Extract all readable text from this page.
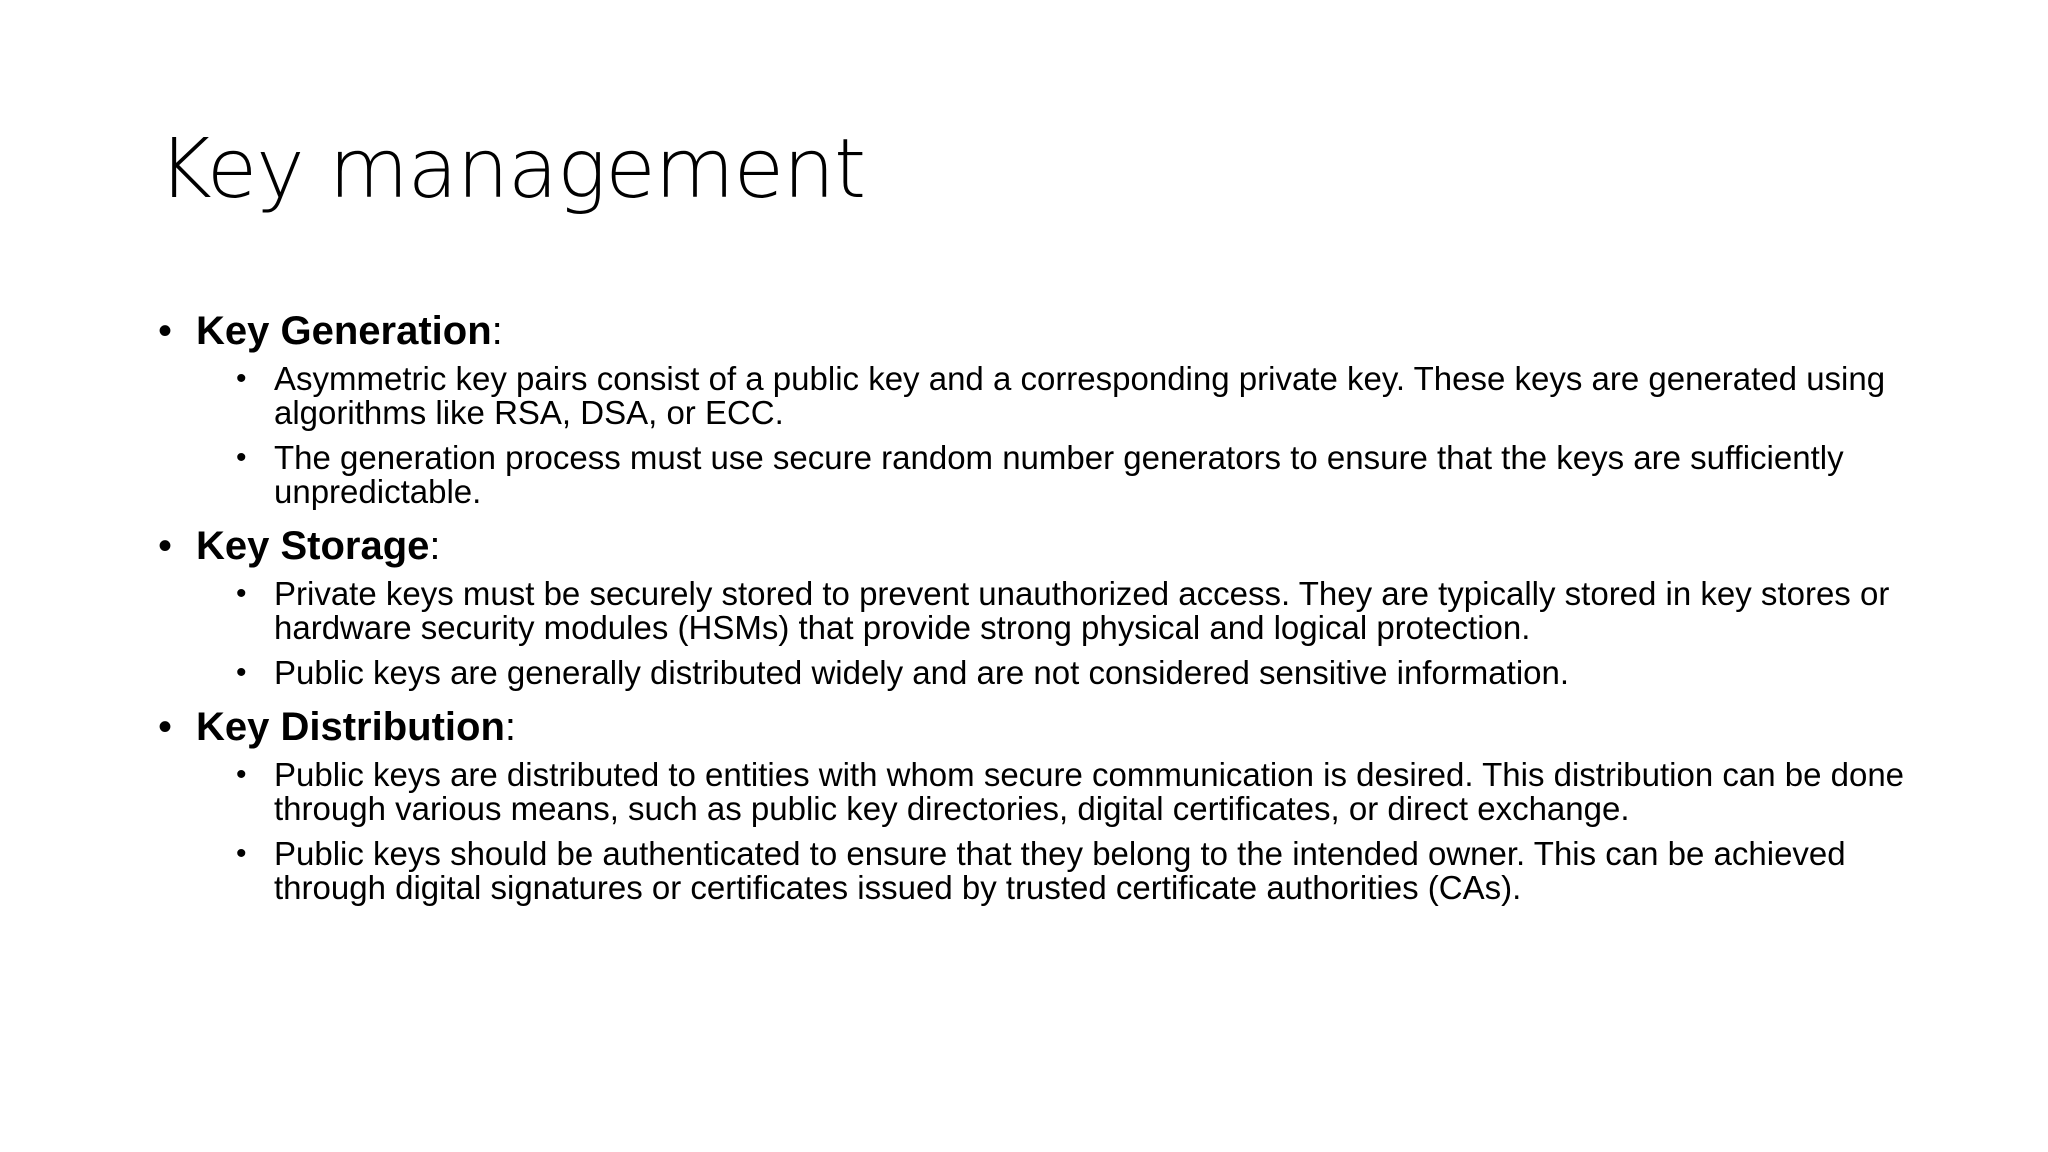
Key management
• Key Generation:
• Asymmetric key pairs consist of a public key and a corresponding private key. These keys are generated using algorithms like RSA, DSA, or ECC.
• The generation process must use secure random number generators to ensure that the keys are sufficiently unpredictable.
• Key Storage:
• Private keys must be securely stored to prevent unauthorized access. They are typically stored in key stores or hardware security modules (HSMs) that provide strong physical and logical protection.
• Public keys are generally distributed widely and are not considered sensitive information.
• Key Distribution:
• Public keys are distributed to entities with whom secure communication is desired. This distribution can be done through various means, such as public key directories, digital certificates, or direct exchange.
• Public keys should be authenticated to ensure that they belong to the intended owner. This can be achieved through digital signatures or certificates issued by trusted certificate authorities (CAs).
